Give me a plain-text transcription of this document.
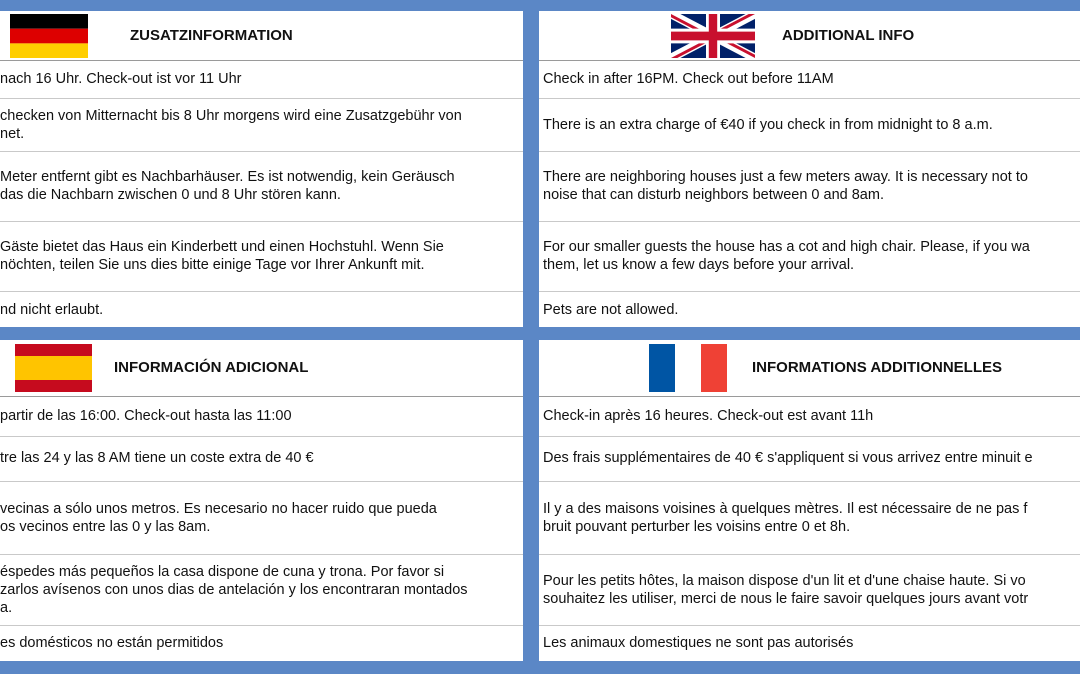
ZUSATZINFORMATION
nach 16 Uhr. Check-out ist vor 11 Uhr
checken von Mitternacht bis 8 Uhr morgens wird eine Zusatzgebühr von
net.
Meter entfernt gibt es Nachbarhäuser. Es ist notwendig, kein Geräusch
das die Nachbarn zwischen 0 und 8 Uhr stören kann.
Gäste bietet das Haus ein Kinderbett und einen Hochstuhl. Wenn Sie
nöchten, teilen Sie uns dies bitte einige Tage vor Ihrer Ankunft mit.
nd nicht erlaubt.
ADDITIONAL INFO
Check in after 16PM. Check out before 11AM
There is an extra charge of €40 if you check in from midnight to 8 a.m.
There are neighboring houses just a few meters away. It is necessary not to
noise that can disturb neighbors between 0 and 8am.
For our smaller guests the house has a cot and high chair. Please, if you wa
them, let us know a few days before your arrival.
Pets are not allowed.
INFORMACIÓN ADICIONAL
partir de las 16:00. Check-out hasta las 11:00
tre las 24 y las 8 AM tiene un coste extra de 40 €
vecinas a sólo unos metros. Es necesario no hacer ruido que pueda
os vecinos entre las 0 y las 8am.
éspedes más pequeños la casa dispone de cuna y trona. Por favor si
zarlos avísenos con unos dias de antelación y los encontraran montados
a.
es domésticos no están permitidos
INFORMATIONS ADDITIONNELLES
Check-in après 16 heures. Check-out est avant 11h
Des frais supplémentaires de 40 € s'appliquent si vous arrivez entre minuit e
Il y a des maisons voisines à quelques mètres. Il est nécessaire de ne pas f
bruit pouvant perturber les voisins entre 0 et 8h.
Pour les petits hôtes, la maison dispose d'un lit et d'une chaise haute. Si vo
souhaitez les utiliser, merci de nous le faire savoir quelques jours avant votr
Les animaux domestiques ne sont pas autorisés
